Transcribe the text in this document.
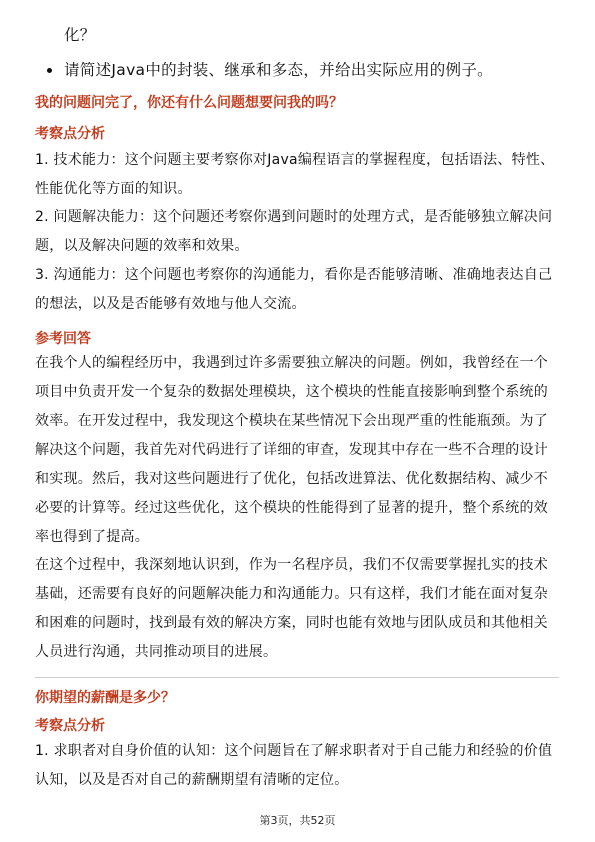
化？
请简述Java中的封装、继承和多态，并给出实际应用的例子。
我的问题问完了，你还有什么问题想要问我的吗？
考察点分析
1. 技术能力：这个问题主要考察你对Java编程语言的掌握程度，包括语法、特性、
性能优化等方面的知识。
2. 问题解决能力：这个问题还考察你遇到问题时的处理方式，是否能够独立解决问
题，以及解决问题的效率和效果。
3. 沟通能力：这个问题也考察你的沟通能力，看你是否能够清晰、准确地表达自己
的想法，以及是否能够有效地与他人交流。
参考回答
在我个人的编程经历中，我遇到过许多需要独立解决的问题。例如，我曾经在一个
项目中负责开发一个复杂的数据处理模块，这个模块的性能直接影响到整个系统的
效率。在开发过程中，我发现这个模块在某些情况下会出现严重的性能瓶颈。为了
解决这个问题，我首先对代码进行了详细的审查，发现其中存在一些不合理的设计
和实现。然后，我对这些问题进行了优化，包括改进算法、优化数据结构、减少不
必要的计算等。经过这些优化，这个模块的性能得到了显著的提升，整个系统的效
率也得到了提高。
在这个过程中，我深刻地认识到，作为一名程序员，我们不仅需要掌握扎实的技术
基础，还需要有良好的问题解决能力和沟通能力。只有这样，我们才能在面对复杂
和困难的问题时，找到最有效的解决方案，同时也能有效地与团队成员和其他相关
人员进行沟通，共同推动项目的进展。
你期望的薪酬是多少？
考察点分析
1. 求职者对自身价值的认知：这个问题旨在了解求职者对于自己能力和经验的价值
认知，以及是否对自己的薪酬期望有清晰的定位。
第3页，共52页
